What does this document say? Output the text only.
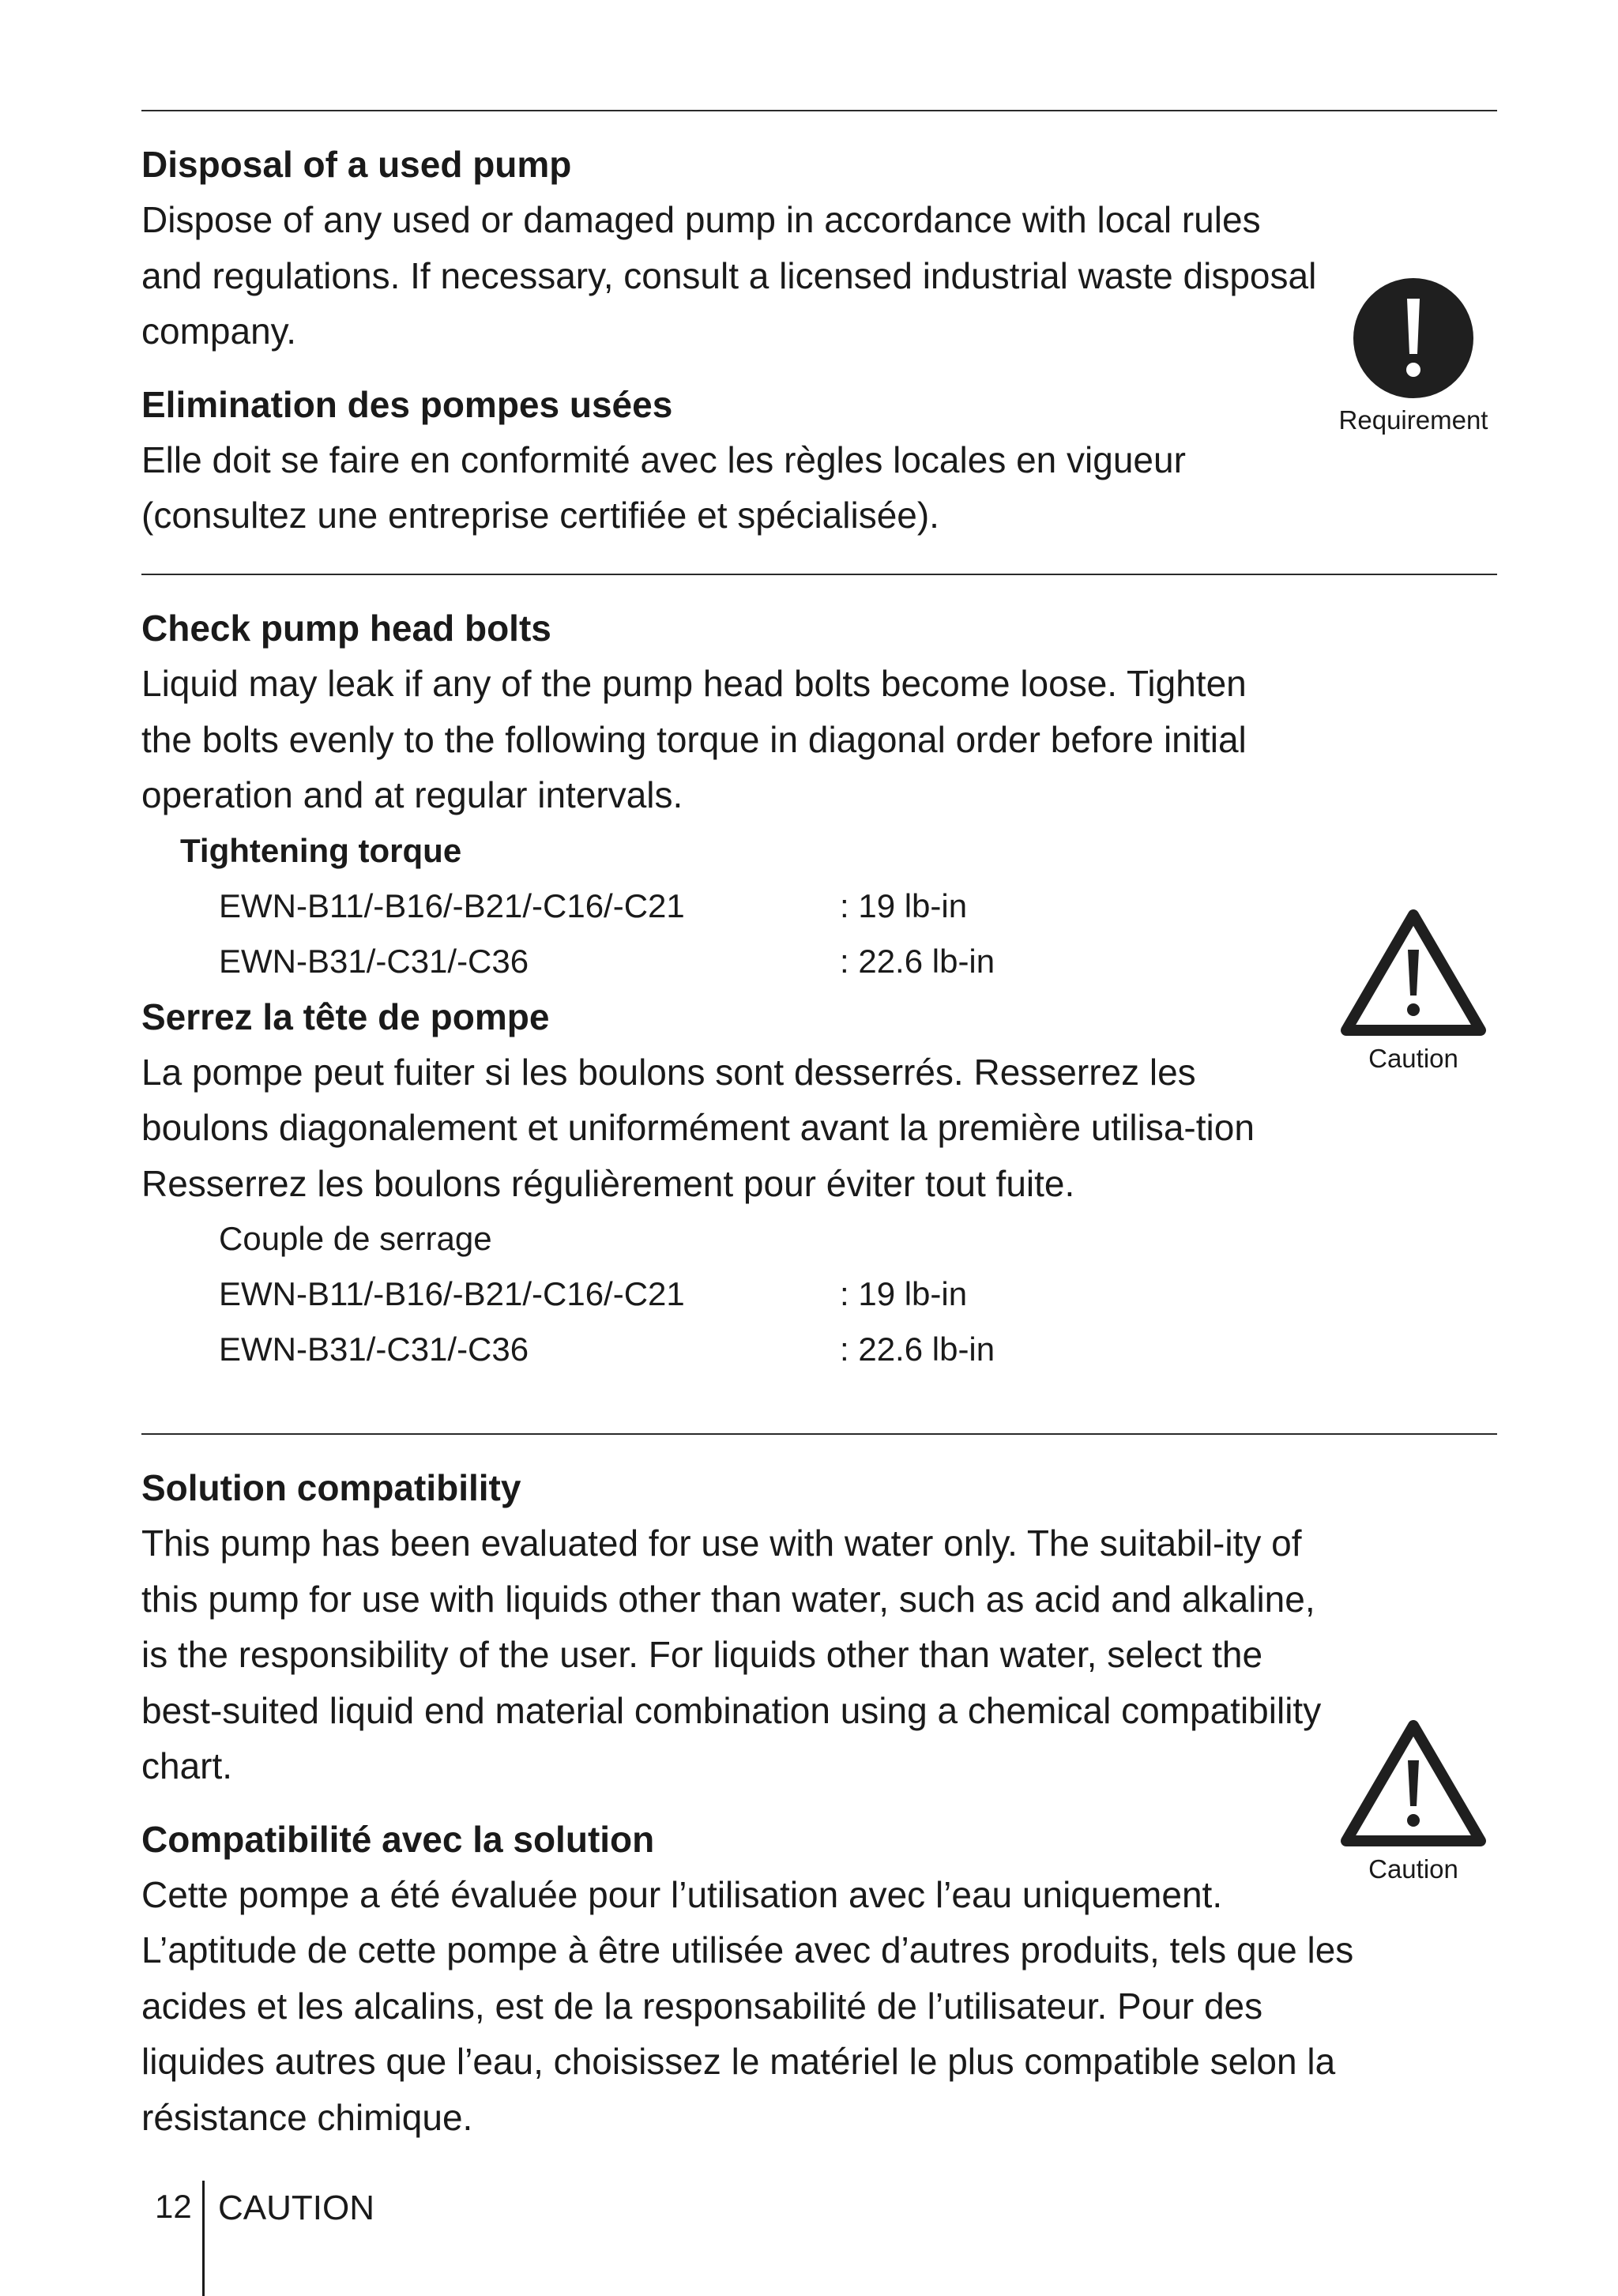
Disposal of a used pump
Dispose of any used or damaged pump in accordance with local rules and regulations. If necessary, consult a licensed industrial waste disposal company.
Elimination des pompes usées
Elle doit se faire en conformité avec les règles locales en vigueur (consultez une entreprise certifiée et spécialisée).
Requirement
Check pump head bolts
Liquid may leak if any of the pump head bolts become loose. Tighten the bolts evenly to the following torque in diagonal order before initial operation and at regular intervals.
Tightening torque
EWN-B11/-B16/-B21/-C16/-C21	: 19 lb-in
EWN-B31/-C31/-C36	: 22.6 lb-in
Serrez la tête de pompe
La pompe peut fuiter si les boulons sont desserrés. Resserrez les boulons diagonalement et uniformément avant la première utilisa-tion Resserrez les boulons régulièrement pour éviter tout fuite.
Couple de serrage
EWN-B11/-B16/-B21/-C16/-C21	: 19 lb-in
EWN-B31/-C31/-C36	: 22.6 lb-in
Caution
Solution compatibility
This pump has been evaluated for use with water only. The suitabil-ity of this pump for use with liquids other than water, such as acid and alkaline, is the responsibility of the user. For liquids other than water, select the best-suited liquid end material combination using a chemical compatibility chart.
Compatibilité avec la solution
Cette pompe a été évaluée pour l’utilisation avec l’eau uniquement. L’aptitude de cette pompe à être utilisée avec d’autres produits, tels que les acides et les alcalins, est de la responsabilité de l’utilisateur. Pour des liquides autres que l’eau, choisissez le matériel le plus compatible selon la résistance chimique.
Caution
12 CAUTION
